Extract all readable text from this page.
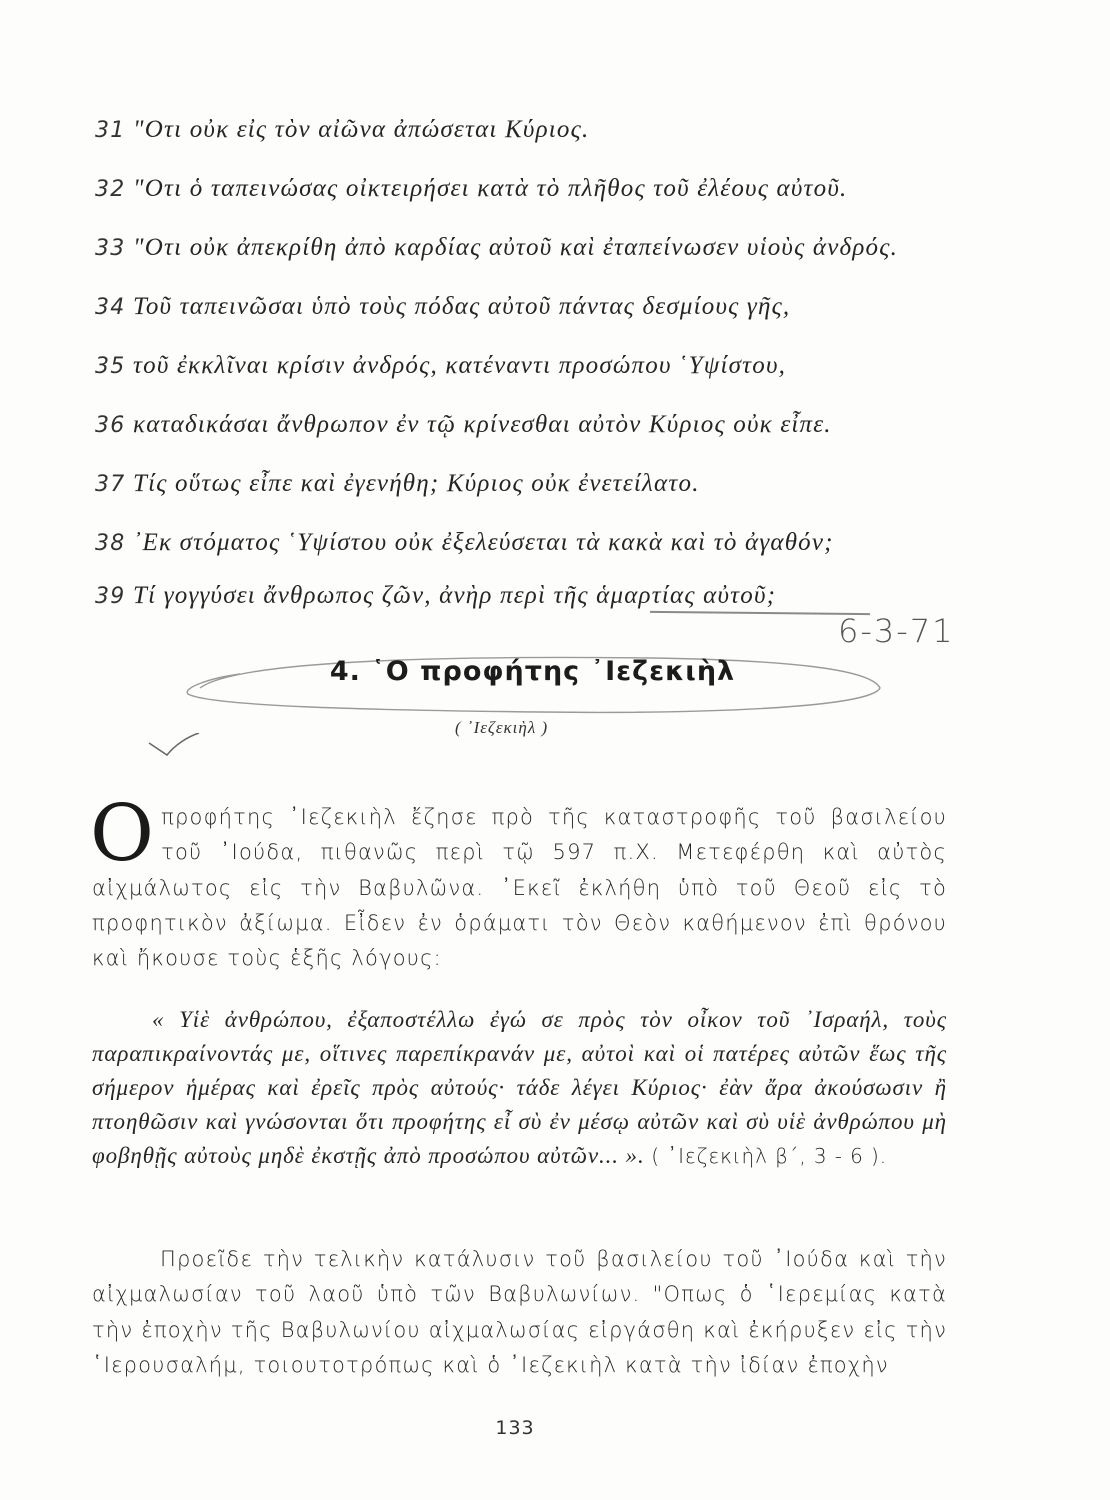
31 "Οτι οὐκ εἰς τὸν αἰῶνα ἀπώσεται Κύριος.

32 "Οτι ὁ ταπεινώσας οἰκτειρήσει κατὰ τὸ πλῆθος τοῦ ἐλέους αὐτοῦ.

33 "Οτι οὐκ ἀπεκρίθη ἀπὸ καρδίας αὐτοῦ καὶ ἐταπείνωσεν υἱοὺς ἀνδρός.

34 Τοῦ ταπεινῶσαι ὑπὸ τοὺς πόδας αὐτοῦ πάντας δεσμίους γῆς,

35 τοῦ ἐκκλῖναι κρίσιν ἀνδρός, κατέναντι προσώπου ῾Υψίστου,

36 καταδικάσαι ἄνθρωπον ἐν τῷ κρίνεσθαι αὐτὸν Κύριος οὐκ εἶπε.

37 Τίς οὕτως εἶπε καὶ ἐγενήθη; Κύριος οὐκ ἐνετείλατο.

38 ᾿Εκ στόματος ῾Υψίστου οὐκ ἐξελεύσεται τὰ κακὰ καὶ τὸ ἀγαθόν;

39 Τί γογγύσει ἄνθρωπος ζῶν, ἀνὴρ περὶ τῆς ἁμαρτίας αὐτοῦ;

6-3-71
4. ῾Ο προφήτης ᾿Ιεζεκιὴλ

( ᾿Ιεζεκιὴλ )

Οπροφήτης ᾿Ιεζεκιὴλ ἔζησε πρὸ τῆς καταστροφῆς τοῦ βασιλείου τοῦ ᾿Ιούδα, πιθανῶς περὶ τῷ 597 π.Χ. Μετεφέρθη καὶ αὐτὸς αἰχμάλωτος εἰς τὴν Βαβυλῶνα. ᾿Εκεῖ ἐκλήθη ὑπὸ τοῦ Θεοῦ εἰς τὸ προφητικὸν ἀξίωμα. Εἶδεν ἐν ὁράματι τὸν Θεὸν καθήμενον ἐπὶ θρόνου καὶ ἤκουσε τοὺς ἑξῆς λόγους:

« Υἱὲ ἀνθρώπου, ἐξαποστέλλω ἐγώ σε πρὸς τὸν οἶκον τοῦ ᾿Ισραήλ, τοὺς παραπικραίνοντάς με, οἵτινες παρεπίκρανάν με, αὐτοὶ καὶ οἱ πατέρες αὐτῶν ἕως τῆς σήμερον ἡμέρας καὶ ἐρεῖς πρὸς αὐτούς· τάδε λέγει Κύριος· ἐὰν ἄρα ἀκούσωσιν ἢ πτοηθῶσιν καὶ γνώσονται ὅτι προφήτης εἶ σὺ ἐν μέσῳ αὐτῶν καὶ σὺ υἱὲ ἀνθρώπου μὴ φοβηθῇς αὐτοὺς μηδὲ ἐκστῇς ἀπὸ προσώπου αὐτῶν... ». ( ᾿Ιεζεκιὴλ β΄, 3 - 6 ).

Προεῖδε τὴν τελικὴν κατάλυσιν τοῦ βασιλείου τοῦ ᾿Ιούδα καὶ τὴν αἰχμαλωσίαν τοῦ λαοῦ ὑπὸ τῶν Βαβυλωνίων. "Οπως ὁ ῾Ιερεμίας κατὰ τὴν ἐποχὴν τῆς Βαβυλωνίου αἰχμαλωσίας εἰργάσθη καὶ ἐκήρυξεν εἰς τὴν ῾Ιερουσαλήμ, τοιουτοτρόπως καὶ ὁ ᾿Ιεζεκιὴλ κατὰ τὴν ἰδίαν ἐποχὴν

133
